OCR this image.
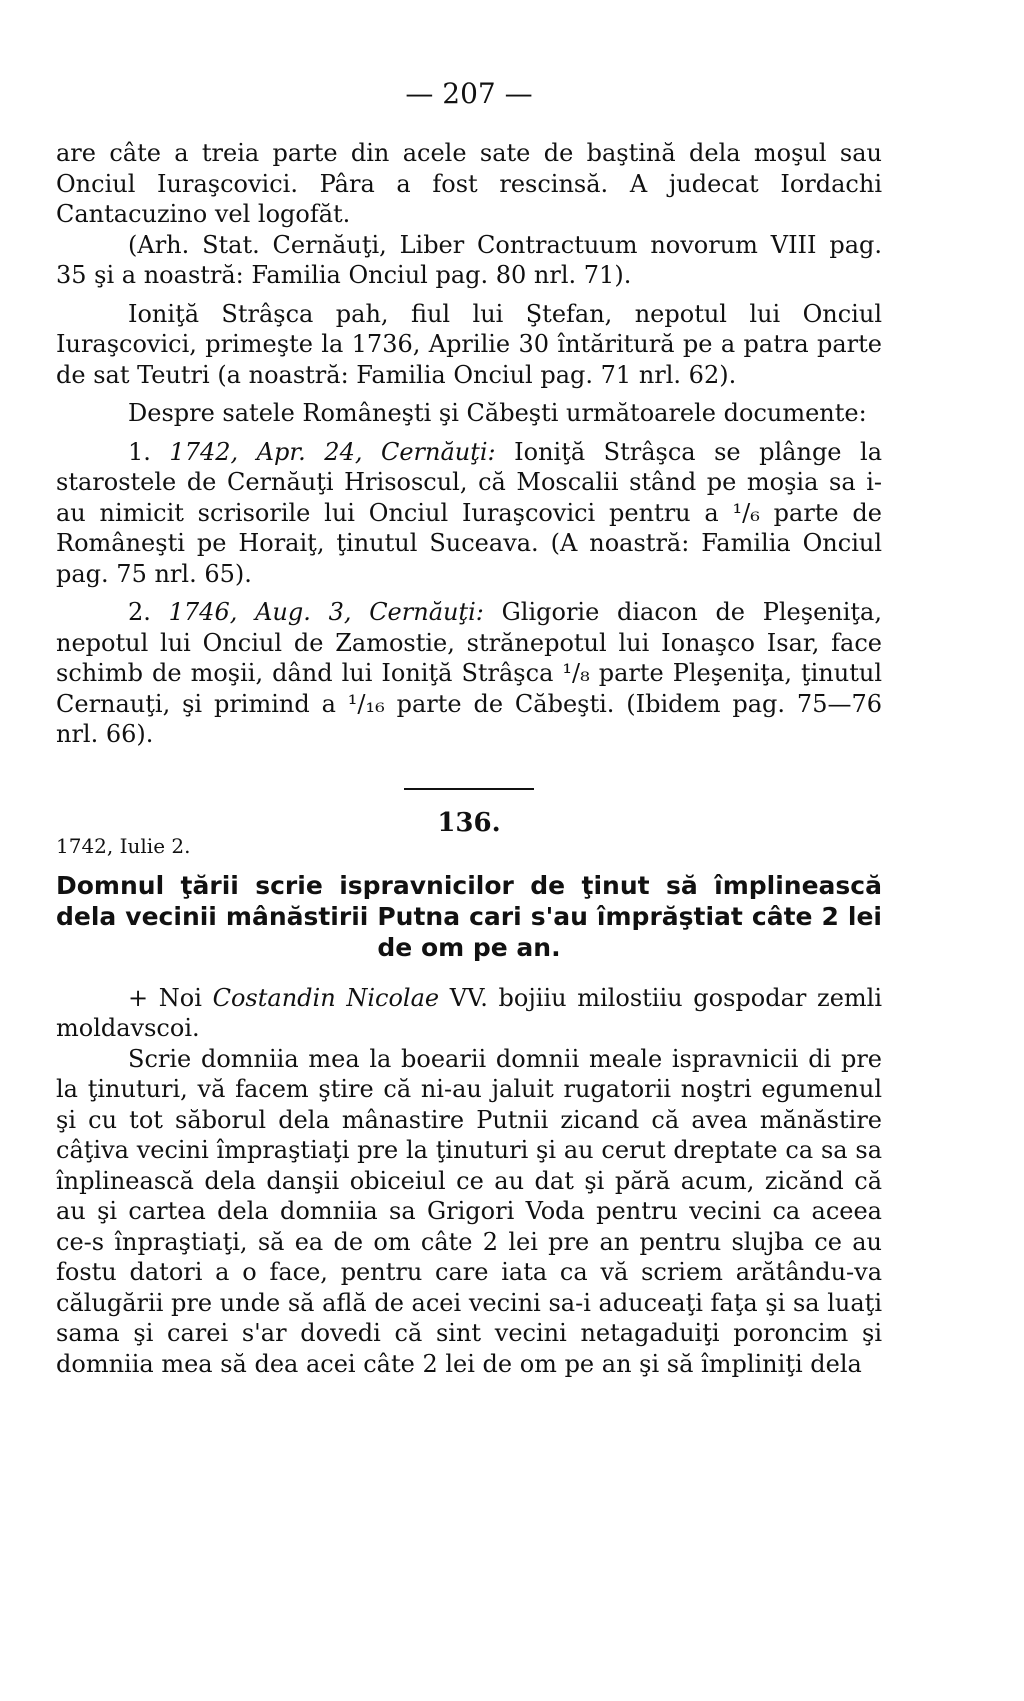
— 207 —

are câte a treia parte din acele sate de baştină dela moşul sau Onciul Iuraşcovici. Pâra a fost rescinsă. A judecat Iordachi Cantacuzino vel logofăt.

(Arh. Stat. Cernăuţi, Liber Contractuum novorum VIII pag. 35 şi a noastră: Familia Onciul pag. 80 nrl. 71).

Ioniţă Strâşca pah, fiul lui Ştefan, nepotul lui Onciul Iuraşcovici, primeşte la 1736, Aprilie 30 întăritură pe a patra parte de sat Teutri (a noastră: Familia Onciul pag. 71 nrl. 62).

Despre satele Româneşti şi Căbeşti următoarele documente:

1. 1742, Apr. 24, Cernăuţi: Ioniţă Strâşca se plânge la starostele de Cernăuţi Hrisoscul, că Moscalii stând pe moşia sa i-au nimicit scrisorile lui Onciul Iuraşcovici pentru a ¹/₆ parte de Româneşti pe Horaiţ, ţinutul Suceava. (A noastră: Familia Onciul pag. 75 nrl. 65).

2. 1746, Aug. 3, Cernăuţi: Gligorie diacon de Pleşeniţa, nepotul lui Onciul de Zamostie, strănepotul lui Ionaşco Isar, face schimb de moşii, dând lui Ioniţă Strâşca ¹/₈ parte Pleşeniţa, ţinutul Cernauţi, şi primind a ¹/₁₆ parte de Căbeşti. (Ibidem pag. 75—76 nrl. 66).

136.
1742, Iulie 2.

Domnul ţării scrie ispravnicilor de ţinut să împlinească dela vecinii mânăstirii Putna cari s'au împrăştiat câte 2 lei de om pe an.

+ Noi Costandin Nicolae VV. bojiiu milostiiu gospodar zemli moldavscoi.

Scrie domniia mea la boearii domnii meale ispravnicii di pre la ţinuturi, vă facem ştire că ni-au jaluit rugatorii noştri egumenul şi cu tot săborul dela mânastire Putnii zicand că avea mănăstire câţiva vecini împraştiaţi pre la ţinuturi şi au cerut dreptate ca sa sa înplinească dela danşii obiceiul ce au dat şi pără acum, zicănd că au şi cartea dela domniia sa Grigori Voda pentru vecini ca aceea ce-s înpraştiaţi, să ea de om câte 2 lei pre an pentru slujba ce au fostu datori a o face, pentru care iata ca vă scriem arătându-va călugării pre unde să află de acei vecini sa-i aduceaţi faţa şi sa luaţi sama şi carei s'ar dovedi că sint vecini netagaduiţi poroncim şi domniia mea să dea acei câte 2 lei de om pe an şi să împliniţi dela
